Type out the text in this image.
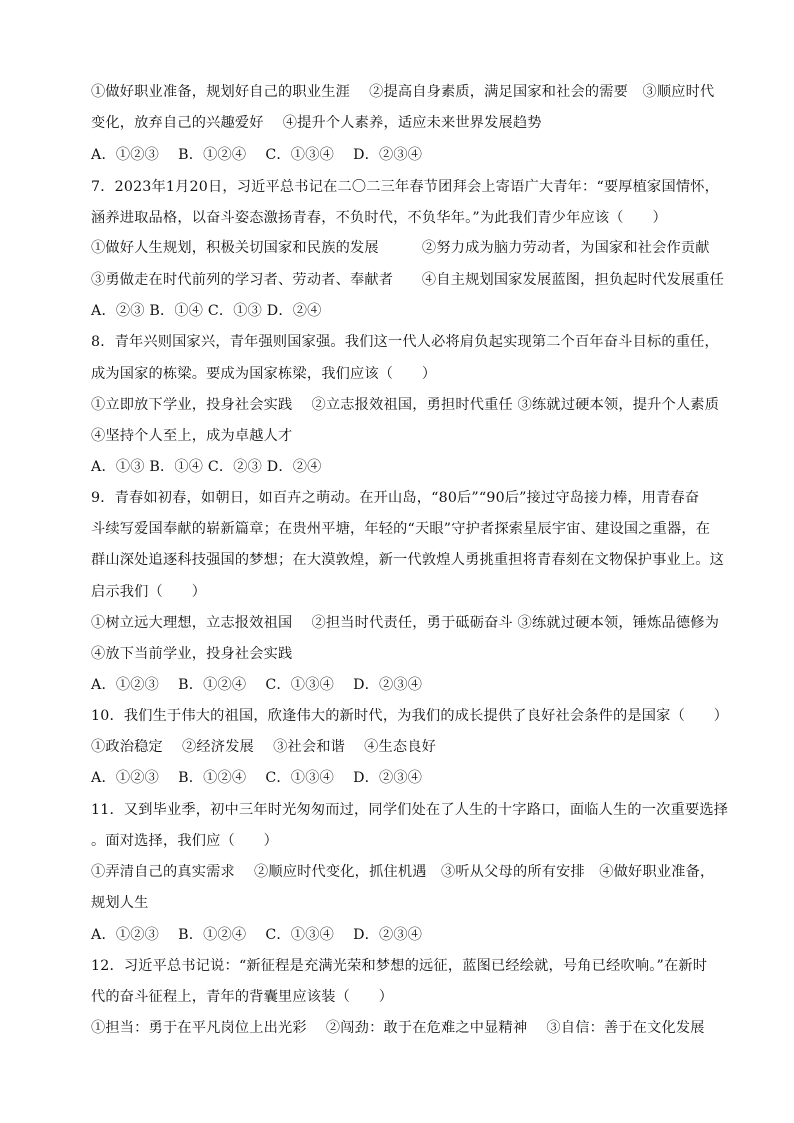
①做好职业准备，规划好自己的职业生涯　 ②提高自身素质，满足国家和社会的需要　③顺应时代
变化，放弃自己的兴趣爱好　 ④提升个人素养，适应未来世界发展趋势
A．①②③　 B．①②④　 C．①③④　 D．②③④
7．2023年1月20日，习近平总书记在二〇二三年春节团拜会上寄语广大青年：“要厚植家国情怀，
涵养进取品格，以奋斗姿态激扬青春，不负时代，不负华年。”为此我们青少年应该（　　）
①做好人生规划，积极关切国家和民族的发展　　　②努力成为脑力劳动者，为国家和社会作贡献
③勇做走在时代前列的学习者、劳动者、奉献者　　④自主规划国家发展蓝图，担负起时代发展重任
A．②③ B．①④ C．①③ D．②④
8．青年兴则国家兴，青年强则国家强。我们这一代人必将肩负起实现第二个百年奋斗目标的重任，
成为国家的栋梁。要成为国家栋梁，我们应该（　　）
①立即放下学业，投身社会实践　 ②立志报效祖国，勇担时代重任 ③练就过硬本领，提升个人素质
④坚持个人至上，成为卓越人才
A．①③ B．①④ C．②③ D．②④
9．青春如初春，如朝日，如百卉之萌动。在开山岛，“80后”“90后”接过守岛接力棒，用青春奋
斗续写爱国奉献的崭新篇章；在贵州平塘，年轻的“天眼”守护者探索星辰宇宙、建设国之重器，在
群山深处追逐科技强国的梦想；在大漠敦煌，新一代敦煌人勇挑重担将青春刻在文物保护事业上。这
启示我们（　　）
①树立远大理想，立志报效祖国　 ②担当时代责任，勇于砥砺奋斗 ③练就过硬本领，锤炼品德修为
④放下当前学业，投身社会实践
A．①②③　 B．①②④　 C．①③④　 D．②③④
10．我们生于伟大的祖国，欣逢伟大的新时代，为我们的成长提供了良好社会条件的是国家（　　）
①政治稳定　 ②经济发展　 ③社会和谐　 ④生态良好
A．①②③　 B．①②④　 C．①③④　 D．②③④
11．又到毕业季，初中三年时光匆匆而过，同学们处在了人生的十字路口，面临人生的一次重要选择
。面对选择，我们应（　　）
①弄清自己的真实需求　 ②顺应时代变化，抓住机遇　③听从父母的所有安排　④做好职业准备，
规划人生
A．①②③　 B．①②④　 C．①③④　 D．②③④
12．习近平总书记说：“新征程是充满光荣和梦想的远征，蓝图已经绘就，号角已经吹响。”在新时
代的奋斗征程上，青年的背囊里应该装（　　）
①担当：勇于在平凡岗位上出光彩　 ②闯劲：敢于在危难之中显精神　 ③自信：善于在文化发展
